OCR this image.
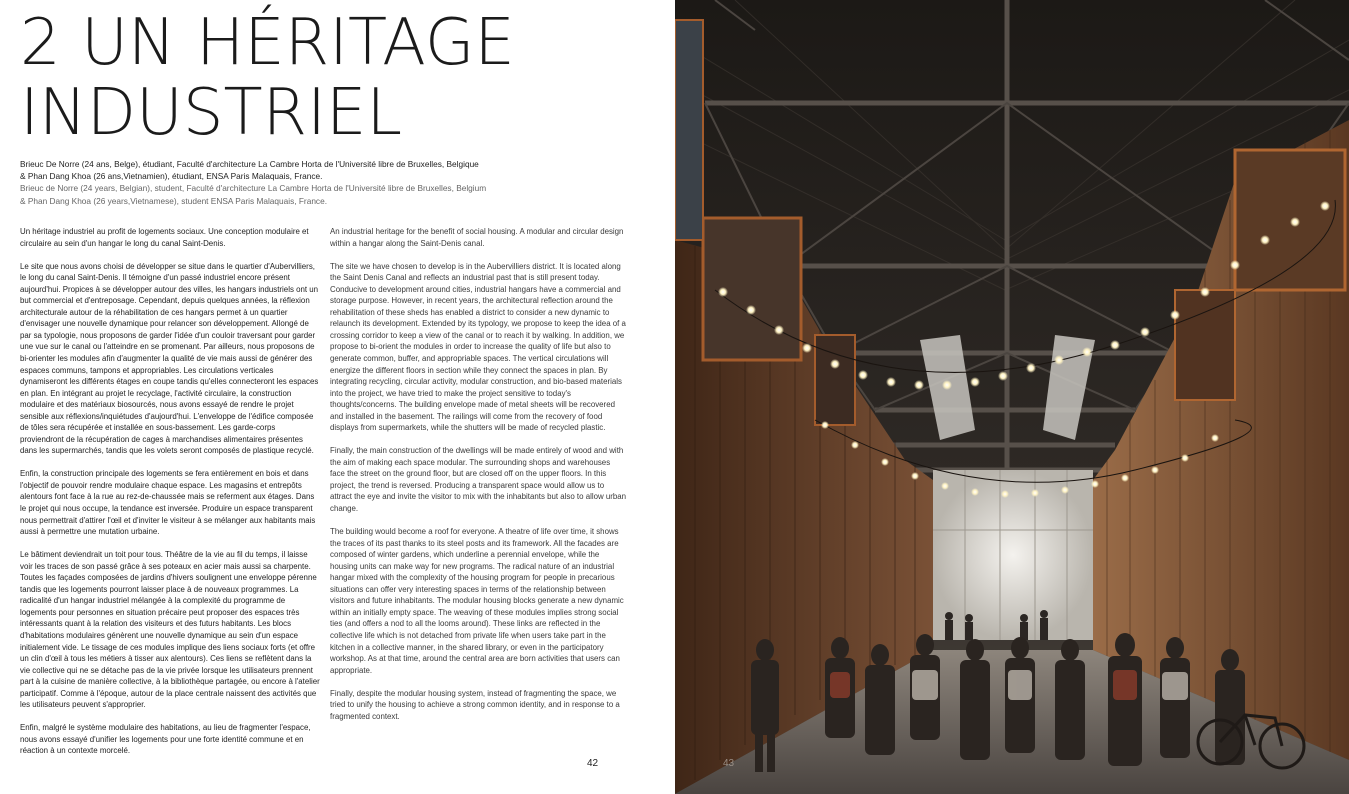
2 UN HÉRITAGE
INDUSTRIEL
Brieuc De Norre (24 ans, Belge), étudiant, Faculté d'architecture La Cambre Horta de l'Université libre de Bruxelles, Belgique
& Phan Dang Khoa (26 ans,Vietnamien), étudiant, ENSA Paris Malaquais, France.
Brieuc de Norre (24 years, Belgian), student, Faculté d'architecture La Cambre Horta de l'Université libre de Bruxelles, Belgium
& Phan Dang Khoa (26 years,Vietnamese), student ENSA Paris Malaquais, France.

Un héritage industriel au profit de logements sociaux. Une conception modulaire et circulaire au sein d'un hangar le long du canal Saint-Denis.

Le site que nous avons choisi de développer se situe dans le quartier d'Aubervilliers, le long du canal Saint-Denis. Il témoigne d'un passé industriel encore présent aujourd'hui. Propices à se développer autour des villes, les hangars industriels ont un but commercial et d'entreposage. Cependant, depuis quelques années, la réflexion architecturale autour de la réhabilitation de ces hangars permet à un quartier d'envisager une nouvelle dynamique pour relancer son développement. Allongé de par sa typologie, nous proposons de garder l'idée d'un couloir traversant pour garder une vue sur le canal ou l'atteindre en se promenant. Par ailleurs, nous proposons de bi-orienter les modules afin d'augmenter la qualité de vie mais aussi de générer des espaces communs, tampons et appropriables. Les circulations verticales dynamiseront les différents étages en coupe tandis qu'elles connecteront les espaces en plan. En intégrant au projet le recyclage, l'activité circulaire, la construction modulaire et des matériaux biosourcés, nous avons essayé de rendre le projet sensible aux réflexions/inquiétudes d'aujourd'hui. L'enveloppe de l'édifice composée de tôles sera récupérée et installée en sous-bassement. Les garde-corps proviendront de la récupération de cages à marchandises alimentaires présentes dans les supermarchés, tandis que les volets seront composés de plastique recyclé.

Enfin, la construction principale des logements se fera entièrement en bois et dans l'objectif de pouvoir rendre modulaire chaque espace. Les magasins et entrepôts alentours font face à la rue au rez-de-chaussée mais se referment aux étages. Dans le projet qui nous occupe, la tendance est inversée. Produire un espace transparent nous permettrait d'attirer l'œil et d'inviter le visiteur à se mélanger aux habitants mais aussi à permettre une mutation urbaine.

Le bâtiment deviendrait un toit pour tous. Théâtre de la vie au fil du temps, il laisse voir les traces de son passé grâce à ses poteaux en acier mais aussi sa charpente. Toutes les façades composées de jardins d'hivers soulignent une enveloppe pérenne tandis que les logements pourront laisser place à de nouveaux programmes. La radicalité d'un hangar industriel mélangée à la complexité du programme de logements pour personnes en situation précaire peut proposer des espaces très intéressants quant à la relation des visiteurs et des futurs habitants. Les blocs d'habitations modulaires génèrent une nouvelle dynamique au sein d'un espace initialement vide. Le tissage de ces modules implique des liens sociaux forts (et offre un clin d'œil à tous les métiers à tisser aux alentours). Ces liens se reflètent dans la vie collective qui ne se détache pas de la vie privée lorsque les utilisateurs prennent part à la cuisine de manière collective, à la bibliothèque partagée, ou encore à l'atelier participatif. Comme à l'époque, autour de la place centrale naissent des activités que les utilisateurs peuvent s'approprier.

Enfin, malgré le système modulaire des habitations, au lieu de fragmenter l'espace, nous avons essayé d'unifier les logements pour une forte identité commune et en réaction à un contexte morcelé.

An industrial heritage for the benefit of social housing. A modular and circular design within a hangar along the Saint-Denis canal.

The site we have chosen to develop is in the Aubervilliers district. It is located along the Saint Denis Canal and reflects an industrial past that is still present today. Conducive to development around cities, industrial hangars have a commercial and storage purpose. However, in recent years, the architectural reflection around the rehabilitation of these sheds has enabled a district to consider a new dynamic to relaunch its development. Extended by its typology, we propose to keep the idea of a crossing corridor to keep a view of the canal or to reach it by walking. In addition, we propose to bi-orient the modules in order to increase the quality of life but also to generate common, buffer, and appropriable spaces. The vertical circulations will energize the different floors in section while they connect the spaces in plan. By integrating recycling, circular activity, modular construction, and bio-based materials into the project, we have tried to make the project sensitive to today's thoughts/concerns. The building envelope made of metal sheets will be recovered and installed in the basement. The railings will come from the recovery of food displays from supermarkets, while the shutters will be made of recycled plastic.

Finally, the main construction of the dwellings will be made entirely of wood and with the aim of making each space modular. The surrounding shops and warehouses face the street on the ground floor, but are closed off on the upper floors. In this project, the trend is reversed. Producing a transparent space would allow us to attract the eye and invite the visitor to mix with the inhabitants but also to allow urban change.

The building would become a roof for everyone. A theatre of life over time, it shows the traces of its past thanks to its steel posts and its framework. All the facades are composed of winter gardens, which underline a perennial envelope, while the housing units can make way for new programs. The radical nature of an industrial hangar mixed with the complexity of the housing program for people in precarious situations can offer very interesting spaces in terms of the relationship between visitors and future inhabitants. The modular housing blocks generate a new dynamic within an initially empty space. The weaving of these modules implies strong social ties (and offers a nod to all the looms around). These links are reflected in the collective life which is not detached from private life when users take part in the kitchen in a collective manner, in the shared library, or even in the participatory workshop. As at that time, around the central area are born activities that users can appropriate.

Finally, despite the modular housing system, instead of fragmenting the space, we tried to unify the housing to achieve a strong common identity, and in response to a fragmented context.

42	43
